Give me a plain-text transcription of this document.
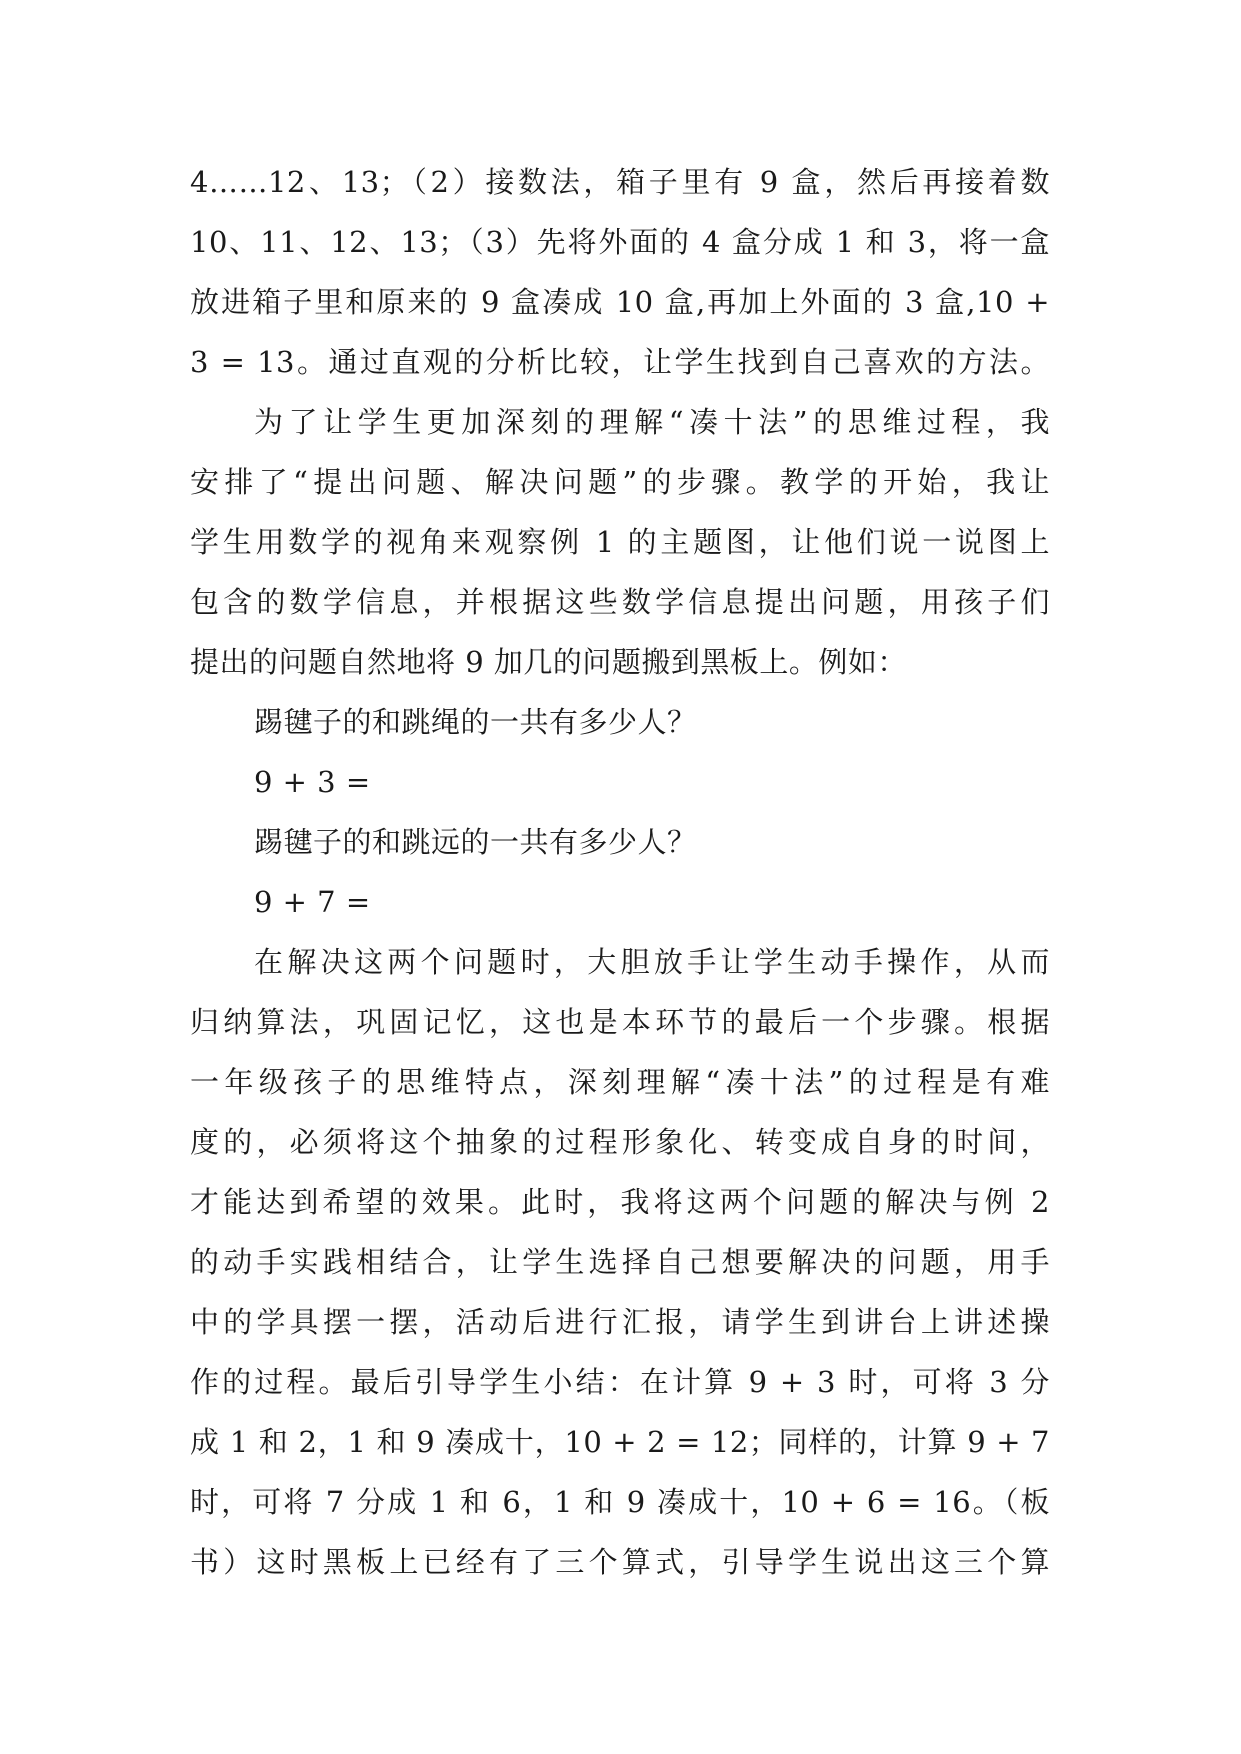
4……12、13；（2）接数法，箱子里有 9 盒，然后再接着数
10、11、12、13；（3）先将外面的 4 盒分成 1 和 3，将一盒
放进箱子里和原来的 9 盒凑成 10 盒,再加上外面的 3 盒,10 +
3 = 13。通过直观的分析比较，让学生找到自己喜欢的方法。
为了让学生更加深刻的理解“凑十法”的思维过程，我
安排了“提出问题、解决问题”的步骤。教学的开始，我让
学生用数学的视角来观察例 1 的主题图，让他们说一说图上
包含的数学信息，并根据这些数学信息提出问题，用孩子们
提出的问题自然地将 9 加几的问题搬到黑板上。例如：
踢毽子的和跳绳的一共有多少人？
9 + 3 =
踢毽子的和跳远的一共有多少人？
9 + 7 =
在解决这两个问题时，大胆放手让学生动手操作，从而
归纳算法，巩固记忆，这也是本环节的最后一个步骤。根据
一年级孩子的思维特点，深刻理解“凑十法”的过程是有难
度的，必须将这个抽象的过程形象化、转变成自身的时间，
才能达到希望的效果。此时，我将这两个问题的解决与例 2
的动手实践相结合，让学生选择自己想要解决的问题，用手
中的学具摆一摆，活动后进行汇报，请学生到讲台上讲述操
作的过程。最后引导学生小结：在计算 9 + 3 时，可将 3 分
成 1 和 2，1 和 9 凑成十，10 + 2 = 12；同样的，计算 9 + 7
时，可将 7 分成 1 和 6，1 和 9 凑成十，10 + 6 = 16。（板
书）这时黑板上已经有了三个算式，引导学生说出这三个算
